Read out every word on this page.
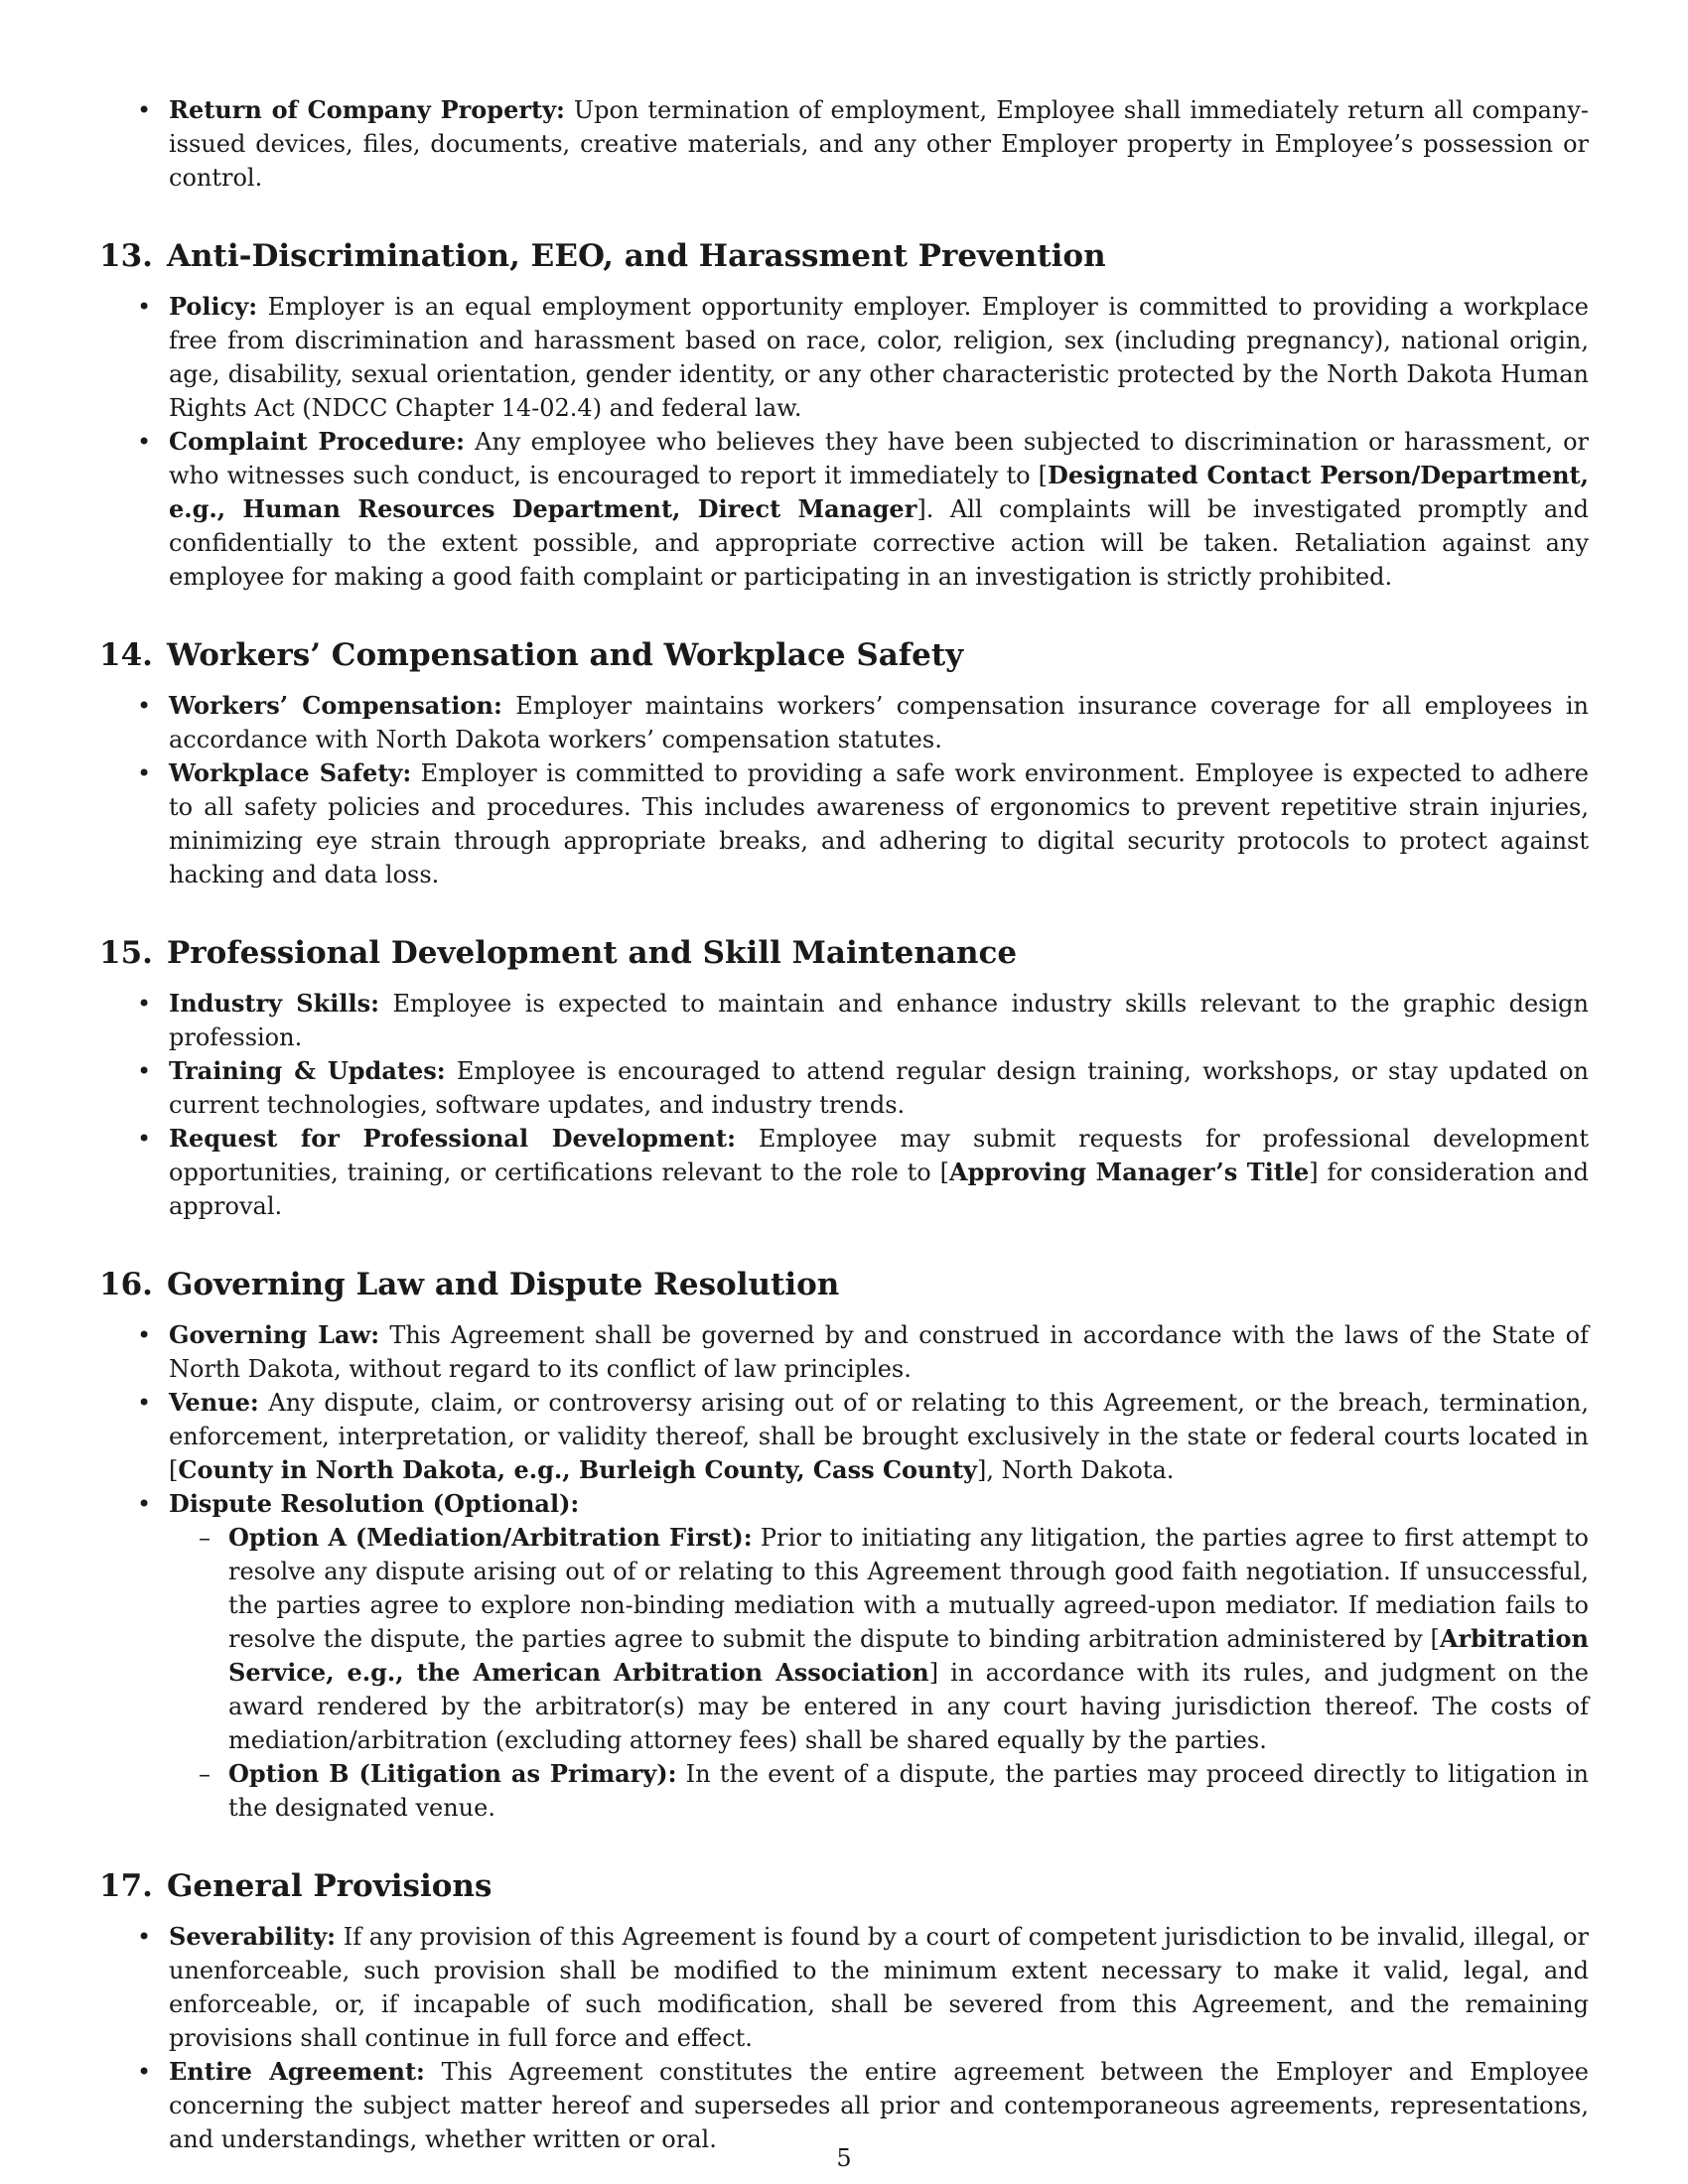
• Return of Company Property: Upon termination of employment, Employee shall immediately return all company-issued devices, files, documents, creative materials, and any other Employer property in Employee’s possession or control.
13. Anti-Discrimination, EEO, and Harassment Prevention
• Policy: Employer is an equal employment opportunity employer. Employer is committed to providing a workplace free from discrimination and harassment based on race, color, religion, sex (including pregnancy), national origin, age, disability, sexual orientation, gender identity, or any other characteristic protected by the North Dakota Human Rights Act (NDCC Chapter 14-02.4) and federal law.
• Complaint Procedure: Any employee who believes they have been subjected to discrimination or harassment, or who witnesses such conduct, is encouraged to report it immediately to [Designated Contact Person/Department, e.g., Human Resources Department, Direct Manager]. All complaints will be investigated promptly and confidentially to the extent possible, and appropriate corrective action will be taken. Retaliation against any employee for making a good faith complaint or participating in an investigation is strictly prohibited.
14. Workers’ Compensation and Workplace Safety
• Workers’ Compensation: Employer maintains workers’ compensation insurance coverage for all employees in accordance with North Dakota workers’ compensation statutes.
• Workplace Safety: Employer is committed to providing a safe work environment. Employee is expected to adhere to all safety policies and procedures. This includes awareness of ergonomics to prevent repetitive strain injuries, minimizing eye strain through appropriate breaks, and adhering to digital security protocols to protect against hacking and data loss.
15. Professional Development and Skill Maintenance
• Industry Skills: Employee is expected to maintain and enhance industry skills relevant to the graphic design profession.
• Training & Updates: Employee is encouraged to attend regular design training, workshops, or stay updated on current technologies, software updates, and industry trends.
• Request for Professional Development: Employee may submit requests for professional development opportunities, training, or certifications relevant to the role to [Approving Manager’s Title] for consideration and approval.
16. Governing Law and Dispute Resolution
• Governing Law: This Agreement shall be governed by and construed in accordance with the laws of the State of North Dakota, without regard to its conflict of law principles.
• Venue: Any dispute, claim, or controversy arising out of or relating to this Agreement, or the breach, termination, enforcement, interpretation, or validity thereof, shall be brought exclusively in the state or federal courts located in [County in North Dakota, e.g., Burleigh County, Cass County], North Dakota.
• Dispute Resolution (Optional):
– Option A (Mediation/Arbitration First): Prior to initiating any litigation, the parties agree to first attempt to resolve any dispute arising out of or relating to this Agreement through good faith negotiation. If unsuccessful, the parties agree to explore non-binding mediation with a mutually agreed-upon mediator. If mediation fails to resolve the dispute, the parties agree to submit the dispute to binding arbitration administered by [Arbitration Service, e.g., the American Arbitration Association] in accordance with its rules, and judgment on the award rendered by the arbitrator(s) may be entered in any court having jurisdiction thereof. The costs of mediation/arbitration (excluding attorney fees) shall be shared equally by the parties.
– Option B (Litigation as Primary): In the event of a dispute, the parties may proceed directly to litigation in the designated venue.
17. General Provisions
• Severability: If any provision of this Agreement is found by a court of competent jurisdiction to be invalid, illegal, or unenforceable, such provision shall be modified to the minimum extent necessary to make it valid, legal, and enforceable, or, if incapable of such modification, shall be severed from this Agreement, and the remaining provisions shall continue in full force and effect.
• Entire Agreement: This Agreement constitutes the entire agreement between the Employer and Employee concerning the subject matter hereof and supersedes all prior and contemporaneous agreements, representations, and understandings, whether written or oral.
5
